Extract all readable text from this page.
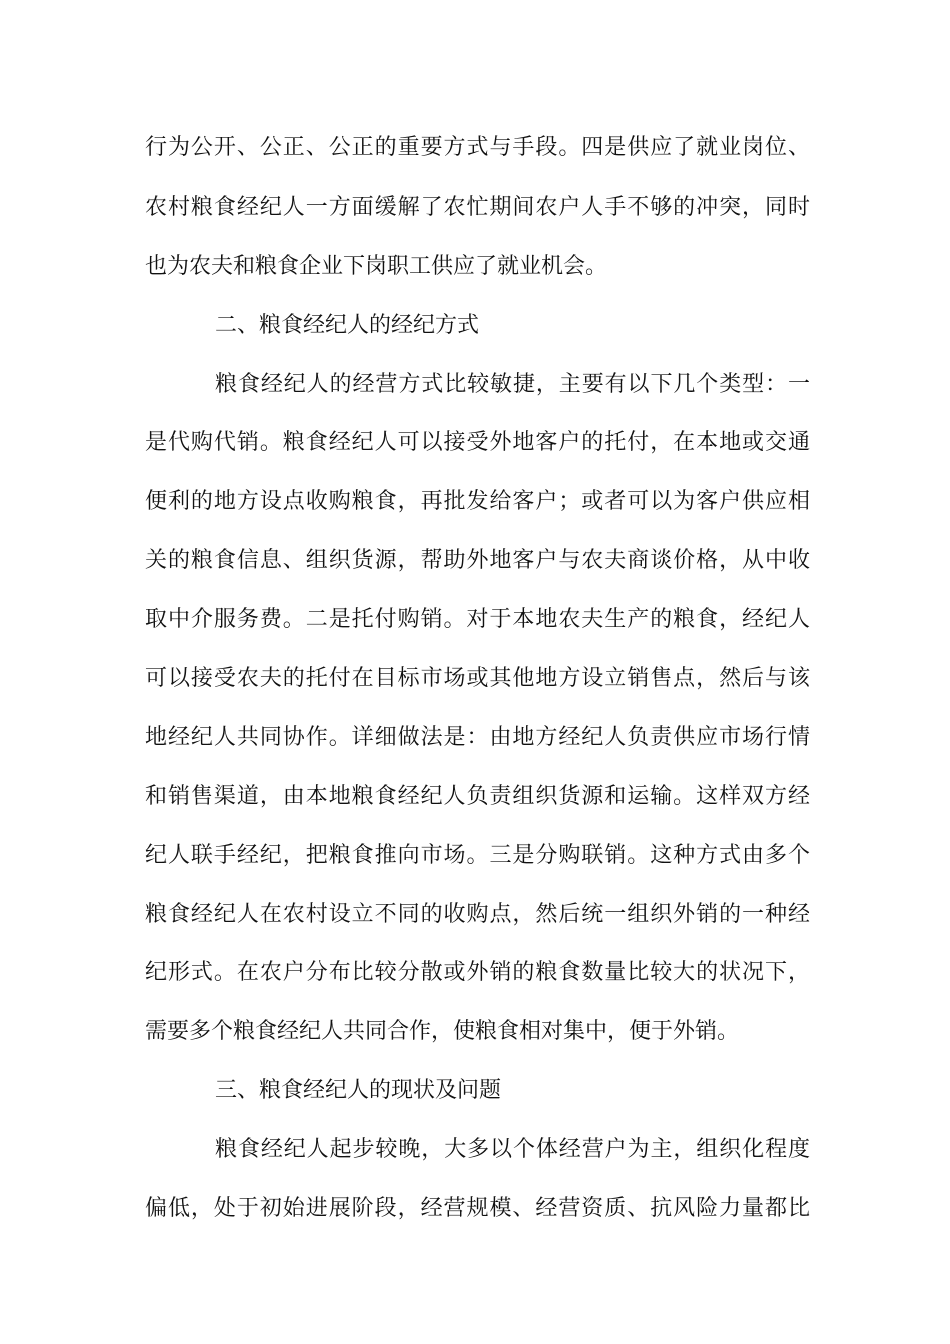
行为公开、公正、公正的重要方式与手段。四是供应了就业岗位、
农村粮食经纪人一方面缓解了农忙期间农户人手不够的冲突，同时
也为农夫和粮食企业下岗职工供应了就业机会。
二、粮食经纪人的经纪方式
粮食经纪人的经营方式比较敏捷，主要有以下几个类型：一
是代购代销。粮食经纪人可以接受外地客户的托付，在本地或交通
便利的地方设点收购粮食，再批发给客户；或者可以为客户供应相
关的粮食信息、组织货源，帮助外地客户与农夫商谈价格，从中收
取中介服务费。二是托付购销。对于本地农夫生产的粮食，经纪人
可以接受农夫的托付在目标市场或其他地方设立销售点，然后与该
地经纪人共同协作。详细做法是：由地方经纪人负责供应市场行情
和销售渠道，由本地粮食经纪人负责组织货源和运输。这样双方经
纪人联手经纪，把粮食推向市场。三是分购联销。这种方式由多个
粮食经纪人在农村设立不同的收购点，然后统一组织外销的一种经
纪形式。在农户分布比较分散或外销的粮食数量比较大的状况下，
需要多个粮食经纪人共同合作，使粮食相对集中，便于外销。
三、粮食经纪人的现状及问题
粮食经纪人起步较晚，大多以个体经营户为主，组织化程度
偏低，处于初始进展阶段，经营规模、经营资质、抗风险力量都比
